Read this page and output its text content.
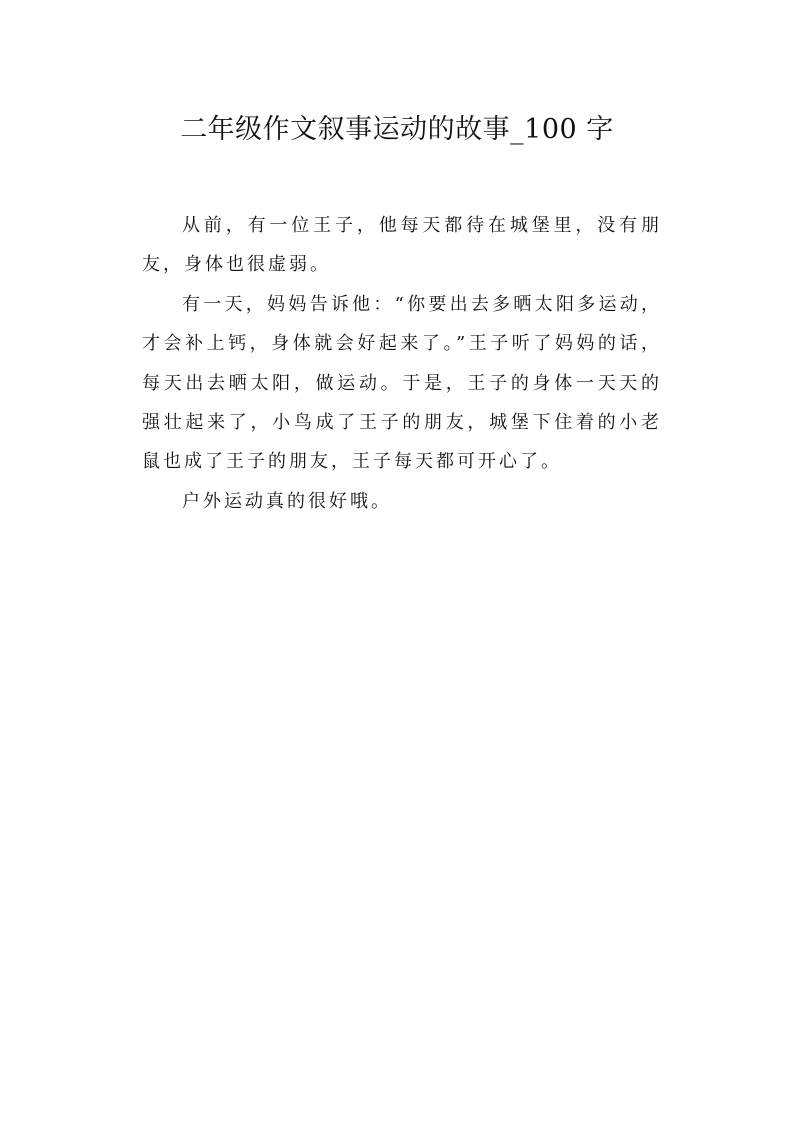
二年级作文叙事运动的故事_100 字

从前，有一位王子，他每天都待在城堡里，没有朋友，身体也很虚弱。

有一天，妈妈告诉他：“你要出去多晒太阳多运动，才会补上钙，身体就会好起来了。”王子听了妈妈的话，每天出去晒太阳，做运动。于是，王子的身体一天天的强壮起来了，小鸟成了王子的朋友，城堡下住着的小老鼠也成了王子的朋友，王子每天都可开心了。

户外运动真的很好哦。
